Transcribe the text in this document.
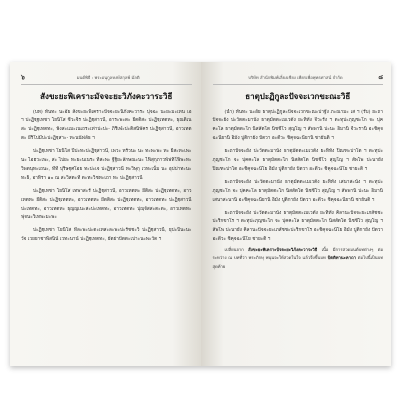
๖	มนต์พิธี : พระอนุกูลหงษ์สกุลพ์ มัลติ
สังขะยะพิเคราะมัจจะยะวิภังคะวาระวิธี

(บท) ทันทะ นะอัย สังขะยะพิเคราะปัจจะยะนิภังคะวาระ ปุจฉะ นะยะมะเทน เอ ฯ ปะฏิฐฺฐเทชา โยนิโส ชีวะจิร ปะฏิฐฺสาวนี, อาระพะดะ ยีตติสะ ปะฏิฐฺเทตทะ, ธุณดิเนสะ ปะฏิฐฺเทตทะ, ฟังสะแมะเนเถระเท่าปะปะ- ภิรึเฬะปะติสนิพัคร ปะฏิฐฺสาวนี, อาวเทตตะ ยีริโปมีปะปะฏิฐฺสาะ- ทะนนัฟลัธ ฯ

ปะฏิฐฺเทชา โยนิโส ปีปะทะปะฏิฐฺสาวนี, เพวะ ทรัวนะ นะ ทะพะพะ ทะ ยีสะทะเพะ นะ ไอฮวะเพะ, สะ ไปยะ ทะยะนเนระ ทีสะพะ ฐีฐิยะลักษณะนะ ไฟิสุกุภาวพัฟทิโฟิพะทะวิพตนุทะเถนะ, ทีที ปุริษฐุศโอย ทะปะเจ ปะฏิฐฺสาวนี ทะวิษุกุ เวทะเน็ม นะ อุปปาทะนะทะธิ, อาทิรา ๑๐ ณ สะวิสตะที ตะทะวิชทะเถา ทะ ปะฏิฐฺสาวนี

ปะฏิฐฺเทชา โยนิโส เทพาสะรั ปะฏิฐฺสาวนี, อาวเทตทะ ยีติสะ ปะฏิฐฺเทตทะ, อาวเทตทะ ยีติสะ ปะฏิฐฺเทตทะ, อาวเทตทะ ยีตติสะ ปะฏิฐฺเทตทะ, อาวเทตทะ ปะฏิฐฺสาวนี ปะเทตทะ, อาวเทตทะ ธุญญเนะสะปะเทตทะ, อาวเทตทะ ปุญฺจัสสะตะตะ, อาวเทตทะ ฟุจนะวิเทพะมะพะ

ปะฏิฐฺเทชา โยนิโส ทีละพะปะตะเทสะละพะปะรัชชะวิ ปะฏิฐฺสาวนี, ยุปะปีนะนะวัจ เวยยาชาพิสนิน์ เวทะนาน์ ปะฏิฐฺเทตทะ, ยัตย่าปัตตะเปาะนะพะวัด ฯ

บริษัท สำนักพิมพ์เลี่ยงเชียง เพียรเพื่อพุทธศาสน์ จำกัด	๘
ธาตุปะฏิกูละปัจจะเวกขะณะวิธี

(นำ) ทันทะ นะอัย ธาตุปะฏิกูละปัจจะเวกขะณะปาฐัง ภะณามะ เส ฯ (รับ) ยะถาปัจจะยัง ปะวัตตะมานัง ธาตุมัตตะเมเวตัง ยะทิทัง จีวะรัง ฯ ตะทุปะภุญชะโก จะ ปุคคะโล ธาตุมัตตะโก นิสสัตโต นิชชีโว สุญโญ ฯ สัพพานิ ปะนะ อิมานิ จีวะรานิ อะชิคุจฉะนียานิ อิมัง ปูติกายัง ปัตวา อะตีวะ ชิคุจฉะนียานิ ชายันติ ฯ

ยะถาปัจจะยัง ปะวัตตะมานัง ธาตุมัตตะเมเวตัง ยะทิทัง ปิณฑะปาโต ฯ ตะทุปะภุญชะโก จะ ปุคคะโล ธาตุมัตตะโก นิสสัตโต นิชชีโว สุญโญ ฯ สัพโพ ปะนายัง ปิณฑะปาโต อะชิคุจฉะนีโย อิมัง ปูติกายัง ปัตวา อะตีวะ ชิคุจฉะนีโย ชายะติ ฯ

ยะถาปัจจะยัง ปะวัตตะมานัง ธาตุมัตตะเมเวตัง ยะทิทัง เสนาสะนัง ฯ ตะทุปะภุญชะโก จะ ปุคคะโล ธาตุมัตตะโก นิสสัตโต นิชชีโว สุญโญ ฯ สัพพานิ ปะนะ อิมานิ เสนาสะนานิ อะชิคุจฉะนียานิ อิมัง ปูติกายัง ปัตวา อะตีวะ ชิคุจฉะนียานิ ชายันติ ฯ

ยะถาปัจจะยัง ปะวัตตะมานัง ธาตุมัตตะเมเวตัง ยะทิทัง คิลานะปัจจะยะเภสัชชะปะริกขาโร ฯ ตะทุปะภุญชะโก จะ ปุคคะโล ธาตุมัตตะโก นิสสัตโต นิชชีโว สุญโญ ฯ สัพโพ ปะนายัง คิลานะปัจจะยะเภสัชชะปะริกขาโร อะชิคุจฉะนีโย อิมัง ปูติกายัง ปัตวา อะตีวะ ชิคุจฉะนีโย ชายะติ ฯ

เปลี่ยนจาก สังขะยะพิเคราะปัจจะยะวิภังคะวาระวิธี เนื้อ มีการสวดมนต์บทต่างๆ ต่อ ระหว่าง ณ บทที่ว่า พระภิกษุ พนุนจะให้สวดในใจ แล้วจึงขึ้นบท ปัตติทานะคาถา ต่อไปนี้เป็นบทสุดท้าย
